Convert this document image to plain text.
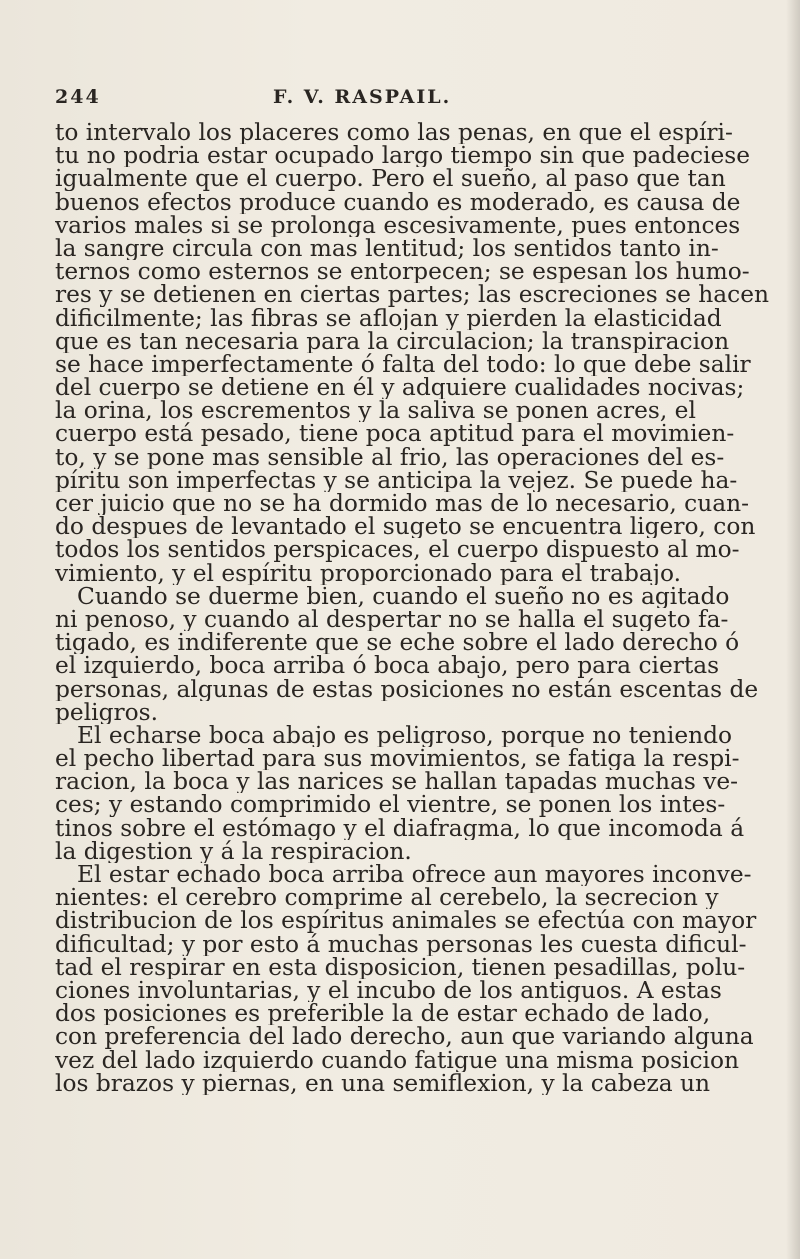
244	F. V. RASPAIL.
to intervalo los placeres como las penas, en que el espíri-
tu no podria estar ocupado largo tiempo sin que padeciese
igualmente que el cuerpo. Pero el sueño, al paso que tan
buenos efectos produce cuando es moderado, es causa de
varios males si se prolonga escesivamente, pues entonces
la sangre circula con mas lentitud; los sentidos tanto in-
ternos como esternos se entorpecen; se espesan los humo-
res y se detienen en ciertas partes; las escreciones se hacen
dificilmente; las fibras se aflojan y pierden la elasticidad
que es tan necesaria para la circulacion; la transpiracion
se hace imperfectamente ó falta del todo: lo que debe salir
del cuerpo se detiene en él y adquiere cualidades nocivas;
la orina, los escrementos y la saliva se ponen acres, el
cuerpo está pesado, tiene poca aptitud para el movimien-
to, y se pone mas sensible al frio, las operaciones del es-
píritu son imperfectas y se anticipa la vejez. Se puede ha-
cer juicio que no se ha dormido mas de lo necesario, cuan-
do despues de levantado el sugeto se encuentra ligero, con
todos los sentidos perspicaces, el cuerpo dispuesto al mo-
vimiento, y el espíritu proporcionado para el trabajo.
Cuando se duerme bien, cuando el sueño no es agitado
ni penoso, y cuando al despertar no se halla el sugeto fa-
tigado, es indiferente que se eche sobre el lado derecho ó
el izquierdo, boca arriba ó boca abajo, pero para ciertas
personas, algunas de estas posiciones no están escentas de
peligros.
El echarse boca abajo es peligroso, porque no teniendo
el pecho libertad para sus movimientos, se fatiga la respi-
racion, la boca y las narices se hallan tapadas muchas ve-
ces; y estando comprimido el vientre, se ponen los intes-
tinos sobre el estómago y el diafragma, lo que incomoda á
la digestion y á la respiracion.
El estar echado boca arriba ofrece aun mayores inconve-
nientes: el cerebro comprime al cerebelo, la secrecion y
distribucion de los espíritus animales se efectúa con mayor
dificultad; y por esto á muchas personas les cuesta dificul-
tad el respirar en esta disposicion, tienen pesadillas, polu-
ciones involuntarias, y el incubo de los antiguos. A estas
dos posiciones es preferible la de estar echado de lado,
con preferencia del lado derecho, aun que variando alguna
vez del lado izquierdo cuando fatigue una misma posicion
los brazos y piernas, en una semiflexion, y la cabeza un
